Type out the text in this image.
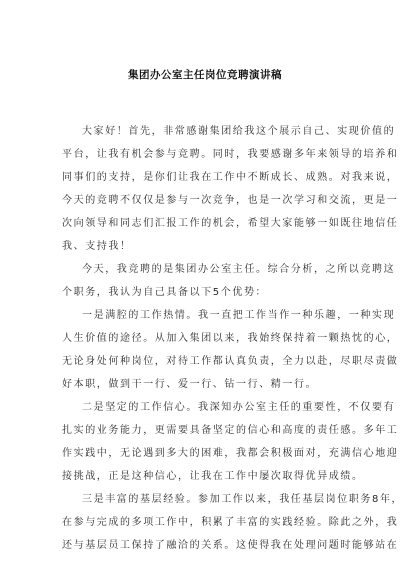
集团办公室主任岗位竞聘演讲稿
大家好！首先，非常感谢集团给我这个展示自己、实现价值的
平台，让我有机会参与竞聘。同时，我要感谢多年来领导的培养和
同事们的支持，是你们让我在工作中不断成长、成熟。对我来说，
今天的竞聘不仅仅是参与一次竞争，也是一次学习和交流，更是一
次向领导和同志们汇报工作的机会，希望大家能够一如既往地信任
我、支持我！
今天，我竞聘的是集团办公室主任。综合分析，之所以竞聘这
个职务，我认为自己具备以下5个优势：
一是满腔的工作热情。我一直把工作当作一种乐趣，一种实现
人生价值的途径。从加入集团以来，我始终保持着一颗热忱的心，
无论身处何种岗位，对待工作都认真负责，全力以赴，尽职尽责做
好本职，做到干一行、爱一行、钻一行、精一行。
二是坚定的工作信心。我深知办公室主任的重要性，不仅要有
扎实的业务能力，更需要具备坚定的信心和高度的责任感。多年工
作实践中，无论遇到多大的困难，我都会积极面对，充满信心地迎
接挑战，正是这种信心，让我在工作中屡次取得优异成绩。
三是丰富的基层经验。参加工作以来，我任基层岗位职务8年，
在参与完成的多项工作中，积累了丰富的实践经验。除此之外，我
还与基层员工保持了融洽的关系。这使得我在处理问题时能够站在
